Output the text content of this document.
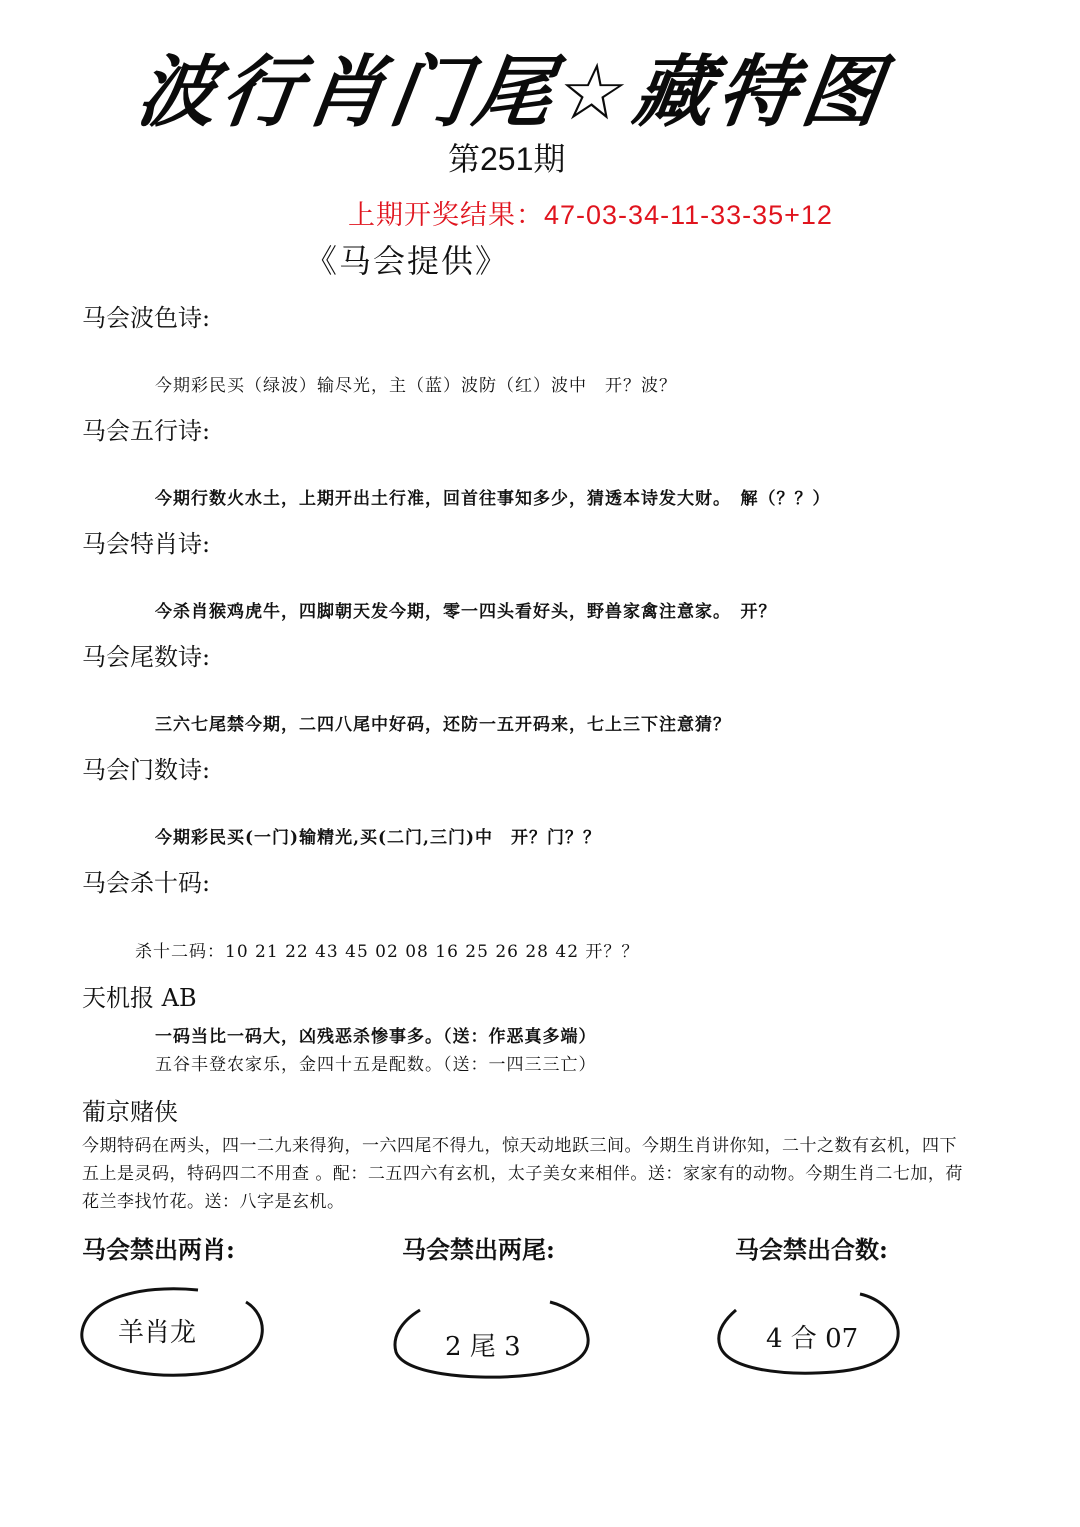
波行肖门尾☆藏特图
第251期
上期开奖结果：47-03-34-11-33-35+12
《马会提供》
马会波色诗:
今期彩民买（绿波）输尽光，主（蓝）波防（红）波中　开？波？
马会五行诗:
今期行数火水土，上期开出土行准，回首往事知多少，猜透本诗发大财。　解（？？）
马会特肖诗:
今杀肖猴鸡虎牛，四脚朝天发今期，零一四头看好头，野兽家禽注意家。　开？
马会尾数诗:
三六七尾禁今期，二四八尾中好码，还防一五开码来，七上三下注意猜？
马会门数诗:
今期彩民买(一门)输精光,买(二门,三门)中　开？门？？
马会杀十码:
杀十二码：10 21 22 43 45 02 08 16 25 26 28 42 开？？
天机报 AB
一码当比一码大，凶残恶杀惨事多。（送：作恶真多端）
五谷丰登农家乐，金四十五是配数。（送：一四三三亡）
葡京赌侠
今期特码在两头，四一二九来得狗，一六四尾不得九，惊天动地跃三间。今期生肖讲你知，二十之数有玄机，四下五上是灵码，特码四二不用查 。配：二五四六有玄机，太子美女来相伴。送：家家有的动物。今期生肖二七加，荷花兰李找竹花。送：八字是玄机。
马会禁出两肖:	马会禁出两尾:	马会禁出合数:
羊肖龙	2 尾 3	4 合 07
